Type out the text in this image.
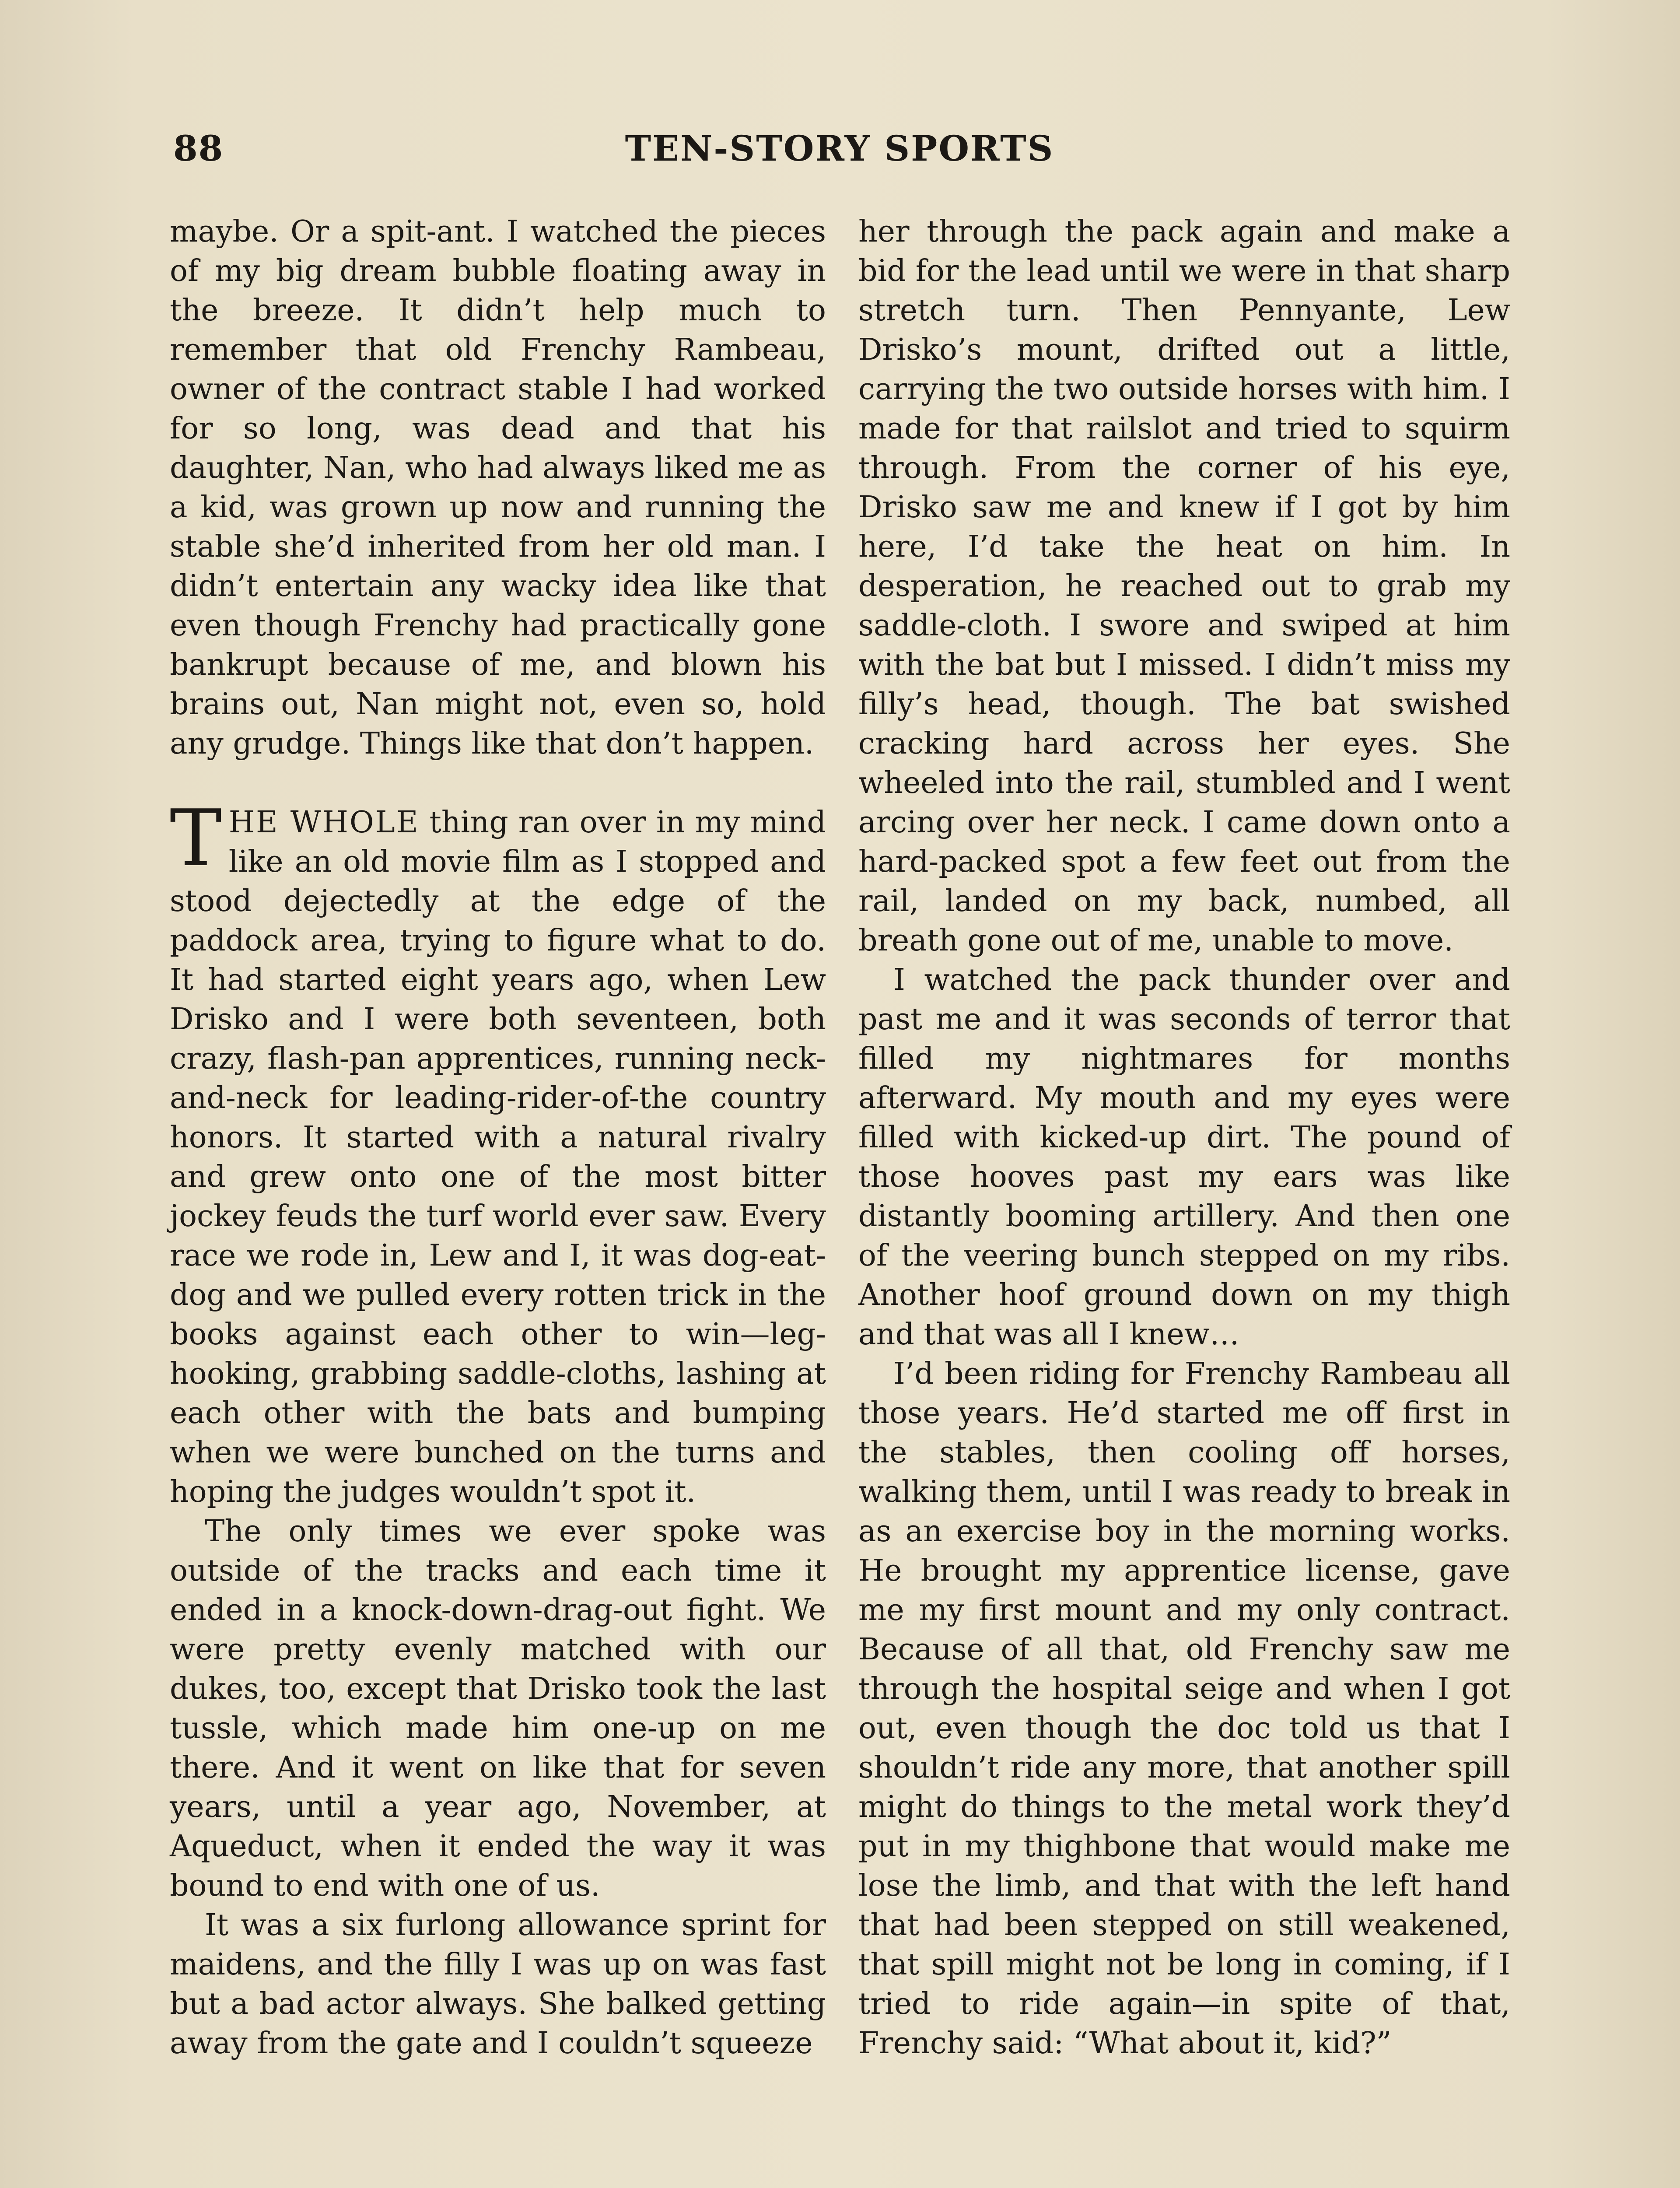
88	TEN-STORY SPORTS

maybe. Or a spit-ant. I watched the pieces of my big dream bubble floating away in the breeze. It didn’t help much to remember that old Frenchy Rambeau, owner of the contract stable I had worked for so long, was dead and that his daughter, Nan, who had always liked me as a kid, was grown up now and running the stable she’d inherited from her old man. I didn’t entertain any wacky idea like that even though Frenchy had practically gone bankrupt because of me, and blown his brains out, Nan might not, even so, hold any grudge. Things like that don’t happen.

THE WHOLE thing ran over in my mind like an old movie film as I stopped and stood dejectedly at the edge of the paddock area, trying to figure what to do. It had started eight years ago, when Lew Drisko and I were both seventeen, both crazy, flash-pan apprentices, running neck-and-neck for leading-rider-of-the country honors. It started with a natural rivalry and grew onto one of the most bitter jockey feuds the turf world ever saw. Every race we rode in, Lew and I, it was dog-eat-dog and we pulled every rotten trick in the books against each other to win—leg-hooking, grabbing saddle-cloths, lashing at each other with the bats and bumping when we were bunched on the turns and hoping the judges wouldn’t spot it.

The only times we ever spoke was outside of the tracks and each time it ended in a knock-down-drag-out fight. We were pretty evenly matched with our dukes, too, except that Drisko took the last tussle, which made him one-up on me there. And it went on like that for seven years, until a year ago, November, at Aqueduct, when it ended the way it was bound to end with one of us.

It was a six furlong allowance sprint for maidens, and the filly I was up on was fast but a bad actor always. She balked getting away from the gate and I couldn’t squeeze

her through the pack again and make a bid for the lead until we were in that sharp stretch turn. Then Pennyante, Lew Drisko’s mount, drifted out a little, carrying the two outside horses with him. I made for that railslot and tried to squirm through. From the corner of his eye, Drisko saw me and knew if I got by him here, I’d take the heat on him. In desperation, he reached out to grab my saddle-cloth. I swore and swiped at him with the bat but I missed. I didn’t miss my filly’s head, though. The bat swished cracking hard across her eyes. She wheeled into the rail, stumbled and I went arcing over her neck. I came down onto a hard-packed spot a few feet out from the rail, landed on my back, numbed, all breath gone out of me, unable to move.

I watched the pack thunder over and past me and it was seconds of terror that filled my nightmares for months afterward. My mouth and my eyes were filled with kicked-up dirt. The pound of those hooves past my ears was like distantly booming artillery. And then one of the veering bunch stepped on my ribs. Another hoof ground down on my thigh and that was all I knew…

I’d been riding for Frenchy Rambeau all those years. He’d started me off first in the stables, then cooling off horses, walking them, until I was ready to break in as an exercise boy in the morning works. He brought my apprentice license, gave me my first mount and my only contract. Because of all that, old Frenchy saw me through the hospital seige and when I got out, even though the doc told us that I shouldn’t ride any more, that another spill might do things to the metal work they’d put in my thighbone that would make me lose the limb, and that with the left hand that had been stepped on still weakened, that spill might not be long in coming, if I tried to ride again—in spite of that, Frenchy said: “What about it, kid?”
